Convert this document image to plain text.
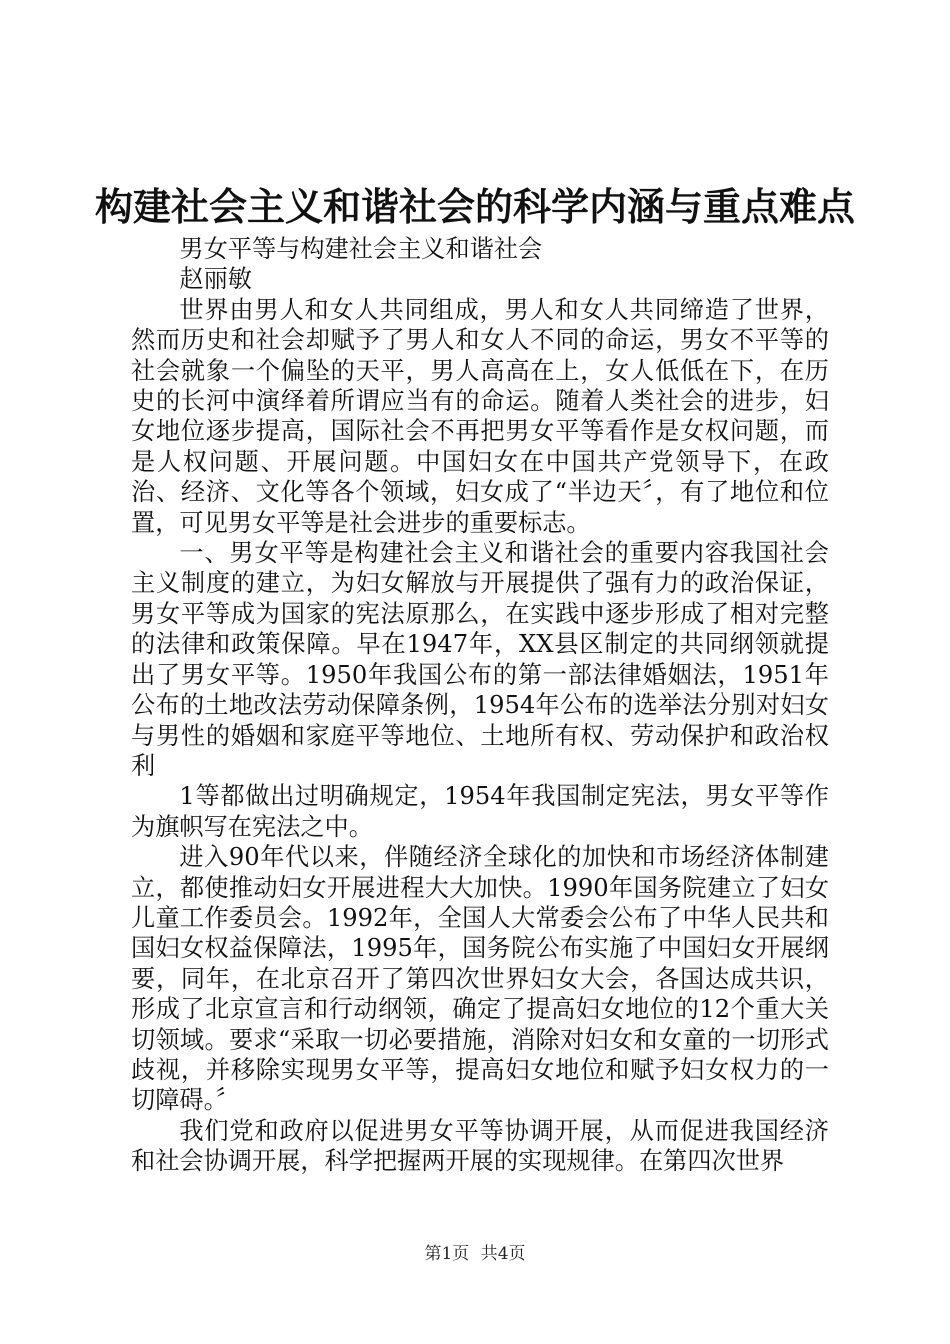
构建社会主义和谐社会的科学内涵与重点难点

男女平等与构建社会主义和谐社会

赵丽敏

世界由男人和女人共同组成，男人和女人共同缔造了世界，然而历史和社会却赋予了男人和女人不同的命运，男女不平等的社会就象一个偏坠的天平，男人高高在上，女人低低在下，在历史的长河中演绎着所谓应当有的命运。随着人类社会的进步，妇女地位逐步提高，国际社会不再把男女平等看作是女权问题，而是人权问题、开展问题。中国妇女在中国共产党领导下，在政治、经济、文化等各个领域，妇女成了“半边天〞，有了地位和位置，可见男女平等是社会进步的重要标志。

一、男女平等是构建社会主义和谐社会的重要内容我国社会主义制度的建立，为妇女解放与开展提供了强有力的政治保证，男女平等成为国家的宪法原那么，在实践中逐步形成了相对完整的法律和政策保障。早在1947年，XX县区制定的共同纲领就提出了男女平等。1950年我国公布的第一部法律婚姻法，1951年公布的土地改法劳动保障条例，1954年公布的选举法分别对妇女与男性的婚姻和家庭平等地位、土地所有权、劳动保护和政治权利

1等都做出过明确规定，1954年我国制定宪法，男女平等作为旗帜写在宪法之中。

进入90年代以来，伴随经济全球化的加快和市场经济体制建立，都使推动妇女开展进程大大加快。1990年国务院建立了妇女儿童工作委员会。1992年，全国人大常委会公布了中华人民共和国妇女权益保障法，1995年，国务院公布实施了中国妇女开展纲要，同年，在北京召开了第四次世界妇女大会，各国达成共识，形成了北京宣言和行动纲领，确定了提高妇女地位的12个重大关切领域。要求“采取一切必要措施，消除对妇女和女童的一切形式歧视，并移除实现男女平等，提高妇女地位和赋予妇女权力的一切障碍。〞

我们党和政府以促进男女平等协调开展，从而促进我国经济和社会协调开展，科学把握两开展的实现规律。在第四次世界

第1页 共4页
